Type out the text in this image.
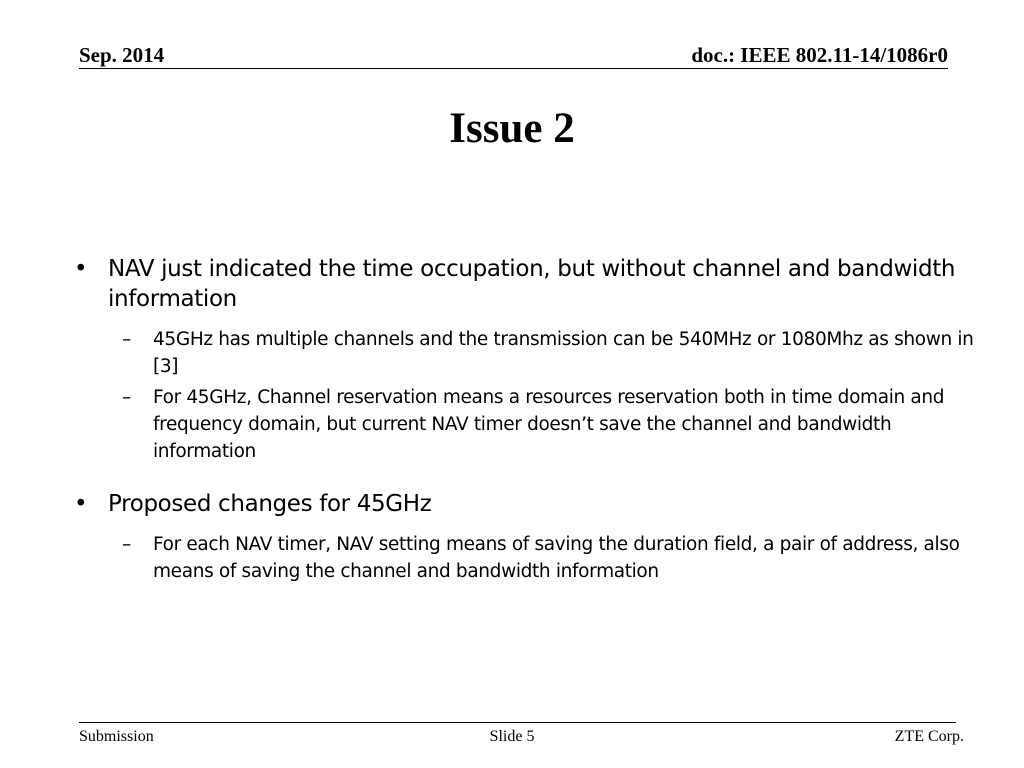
Sep. 2014	doc.: IEEE 802.11-14/1086r0
Issue 2
• NAV just indicated the time occupation, but without channel and bandwidth information
– 45GHz has multiple channels and the transmission can be 540MHz or 1080Mhz as shown in [3]
– For 45GHz, Channel reservation means a resources reservation both in time domain and frequency domain, but current NAV timer doesn’t save the channel and bandwidth information
• Proposed changes for 45GHz
– For each NAV timer, NAV setting means of saving the duration field, a pair of address, also means of saving the channel and bandwidth information
Submission	Slide 5	ZTE Corp.
